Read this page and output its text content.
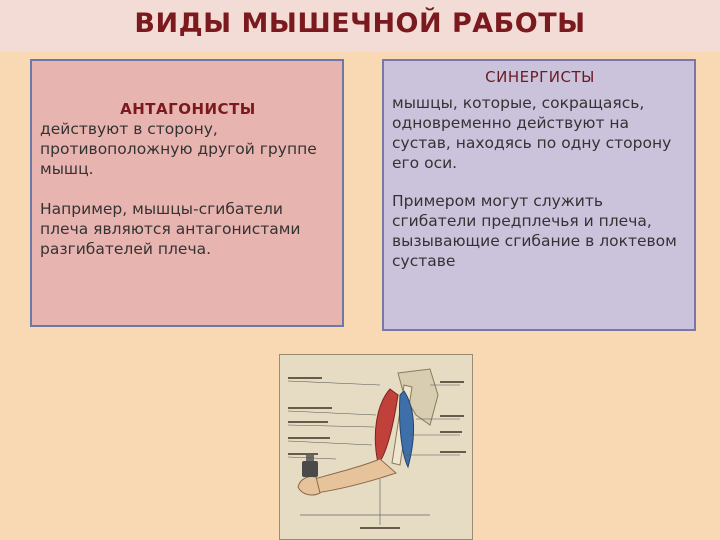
ВИДЫ МЫШЕЧНОЙ РАБОТЫ
АНТАГОНИСТЫ
действуют в сторону, противоположную другой группе мышц.
Например, мышцы-сгибатели плеча являются антагонистами разгибателей плеча.
СИНЕРГИСТЫ
мышцы, которые, сокращаясь, одновременно действуют на сустав, находясь по одну сторону его оси.
Примером могут служить сгибатели предплечья и плеча, вызывающие сгибание в локтевом суставе
